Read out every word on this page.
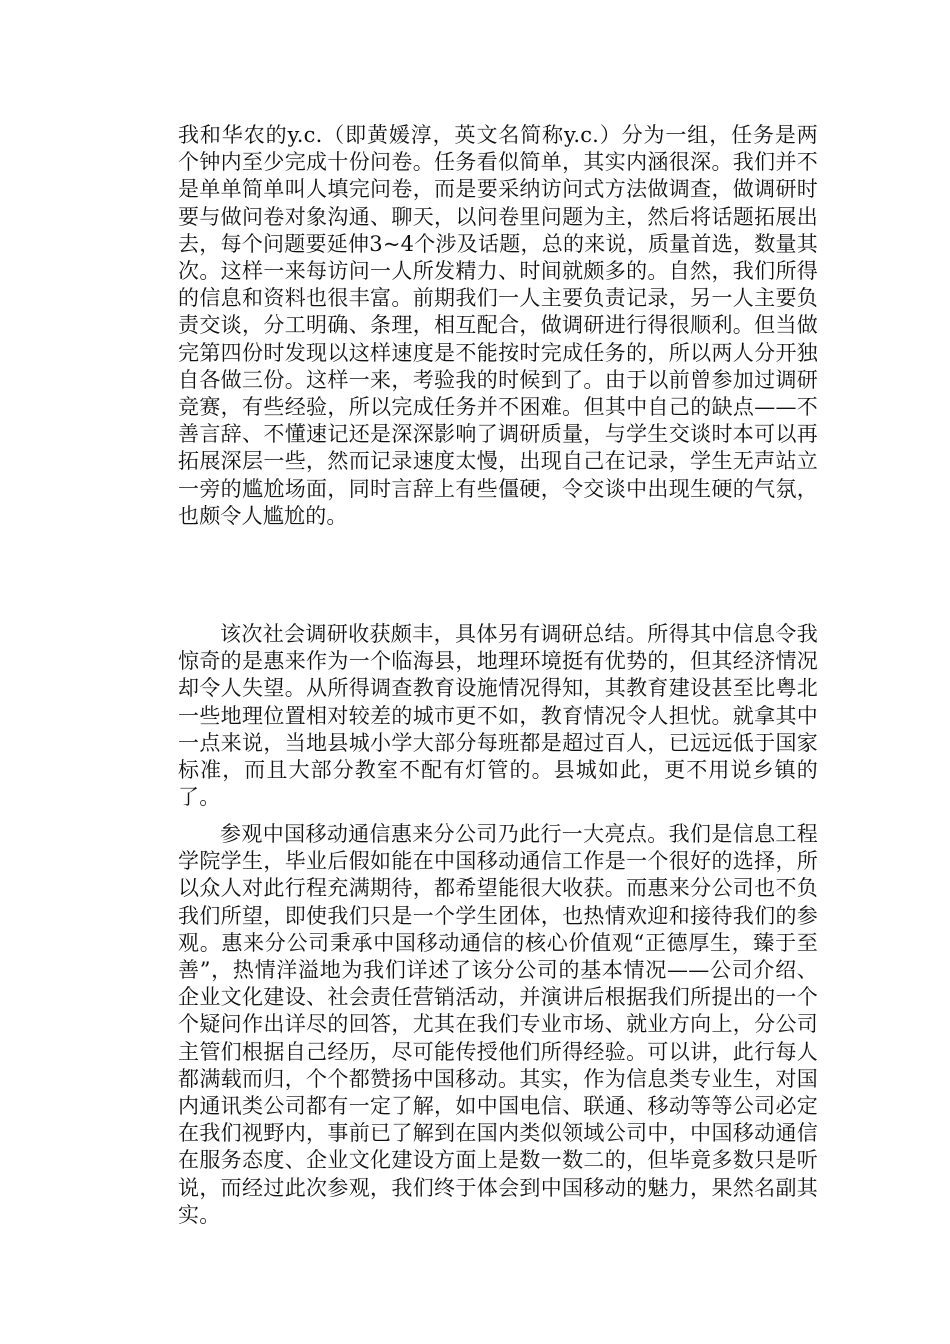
我和华农的y.c.（即黄媛淳，英文名简称y.c.）分为一组，任务是两个钟内至少完成十份问卷。任务看似简单，其实内涵很深。我们并不是单单简单叫人填完问卷，而是要采纳访问式方法做调查，做调研时要与做问卷对象沟通、聊天，以问卷里问题为主，然后将话题拓展出去，每个问题要延伸3~4个涉及话题，总的来说，质量首选，数量其次。这样一来每访问一人所发精力、时间就颇多的。自然，我们所得的信息和资料也很丰富。前期我们一人主要负责记录，另一人主要负责交谈，分工明确、条理，相互配合，做调研进行得很顺利。但当做完第四份时发现以这样速度是不能按时完成任务的，所以两人分开独自各做三份。这样一来，考验我的时候到了。由于以前曾参加过调研竞赛，有些经验，所以完成任务并不困难。但其中自己的缺点——不善言辞、不懂速记还是深深影响了调研质量，与学生交谈时本可以再拓展深层一些，然而记录速度太慢，出现自己在记录，学生无声站立一旁的尴尬场面，同时言辞上有些僵硬，令交谈中出现生硬的气氛，也颇令人尴尬的。

该次社会调研收获颇丰，具体另有调研总结。所得其中信息令我惊奇的是惠来作为一个临海县，地理环境挺有优势的，但其经济情况却令人失望。从所得调查教育设施情况得知，其教育建设甚至比粤北一些地理位置相对较差的城市更不如，教育情况令人担忧。就拿其中一点来说，当地县城小学大部分每班都是超过百人，已远远低于国家标准，而且大部分教室不配有灯管的。县城如此，更不用说乡镇的了。

参观中国移动通信惠来分公司乃此行一大亮点。我们是信息工程学院学生，毕业后假如能在中国移动通信工作是一个很好的选择，所以众人对此行程充满期待，都希望能很大收获。而惠来分公司也不负我们所望，即使我们只是一个学生团体，也热情欢迎和接待我们的参观。惠来分公司秉承中国移动通信的核心价值观“正德厚生，臻于至善”，热情洋溢地为我们详述了该分公司的基本情况——公司介绍、企业文化建设、社会责任营销活动，并演讲后根据我们所提出的一个个疑问作出详尽的回答，尤其在我们专业市场、就业方向上，分公司主管们根据自己经历，尽可能传授他们所得经验。可以讲，此行每人都满载而归，个个都赞扬中国移动。其实，作为信息类专业生，对国内通讯类公司都有一定了解，如中国电信、联通、移动等等公司必定在我们视野内，事前已了解到在国内类似领域公司中，中国移动通信在服务态度、企业文化建设方面上是数一数二的，但毕竟多数只是听说，而经过此次参观，我们终于体会到中国移动的魅力，果然名副其实。
